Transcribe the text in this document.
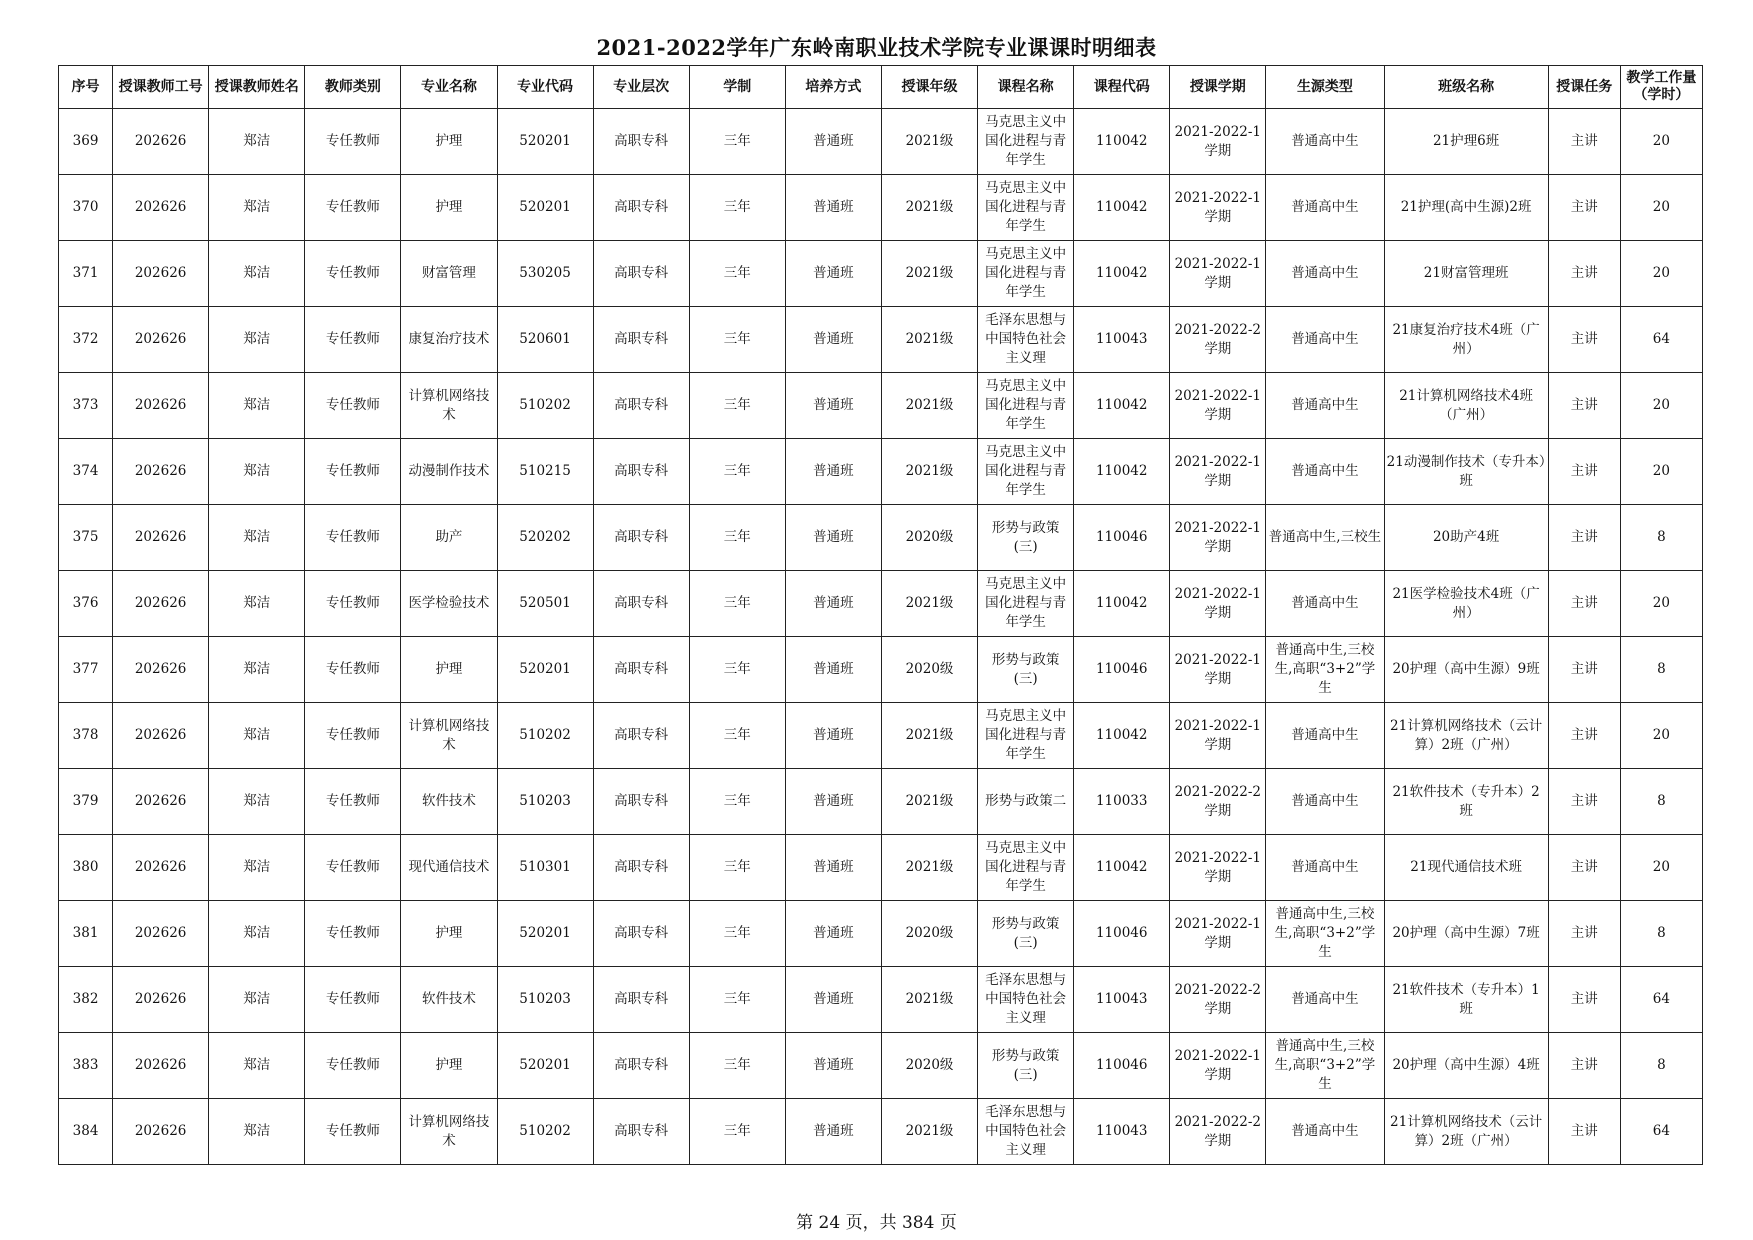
2021-2022学年广东岭南职业技术学院专业课课时明细表
序号	授课教师工号	授课教师姓名	教师类别	专业名称	专业代码	专业层次	学制	培养方式	授课年级	课程名称	课程代码	授课学期	生源类型	班级名称	授课任务	教学工作量（学时）

369	202626	郑洁	专任教师	护理	520201	高职专科	三年	普通班	2021级	马克思主义中国化进程与青年学生	110042	2021-2022-1学期	普通高中生	21护理6班	主讲	20

370	202626	郑洁	专任教师	护理	520201	高职专科	三年	普通班	2021级	马克思主义中国化进程与青年学生	110042	2021-2022-1学期	普通高中生	21护理(高中生源)2班	主讲	20

371	202626	郑洁	专任教师	财富管理	530205	高职专科	三年	普通班	2021级	马克思主义中国化进程与青年学生	110042	2021-2022-1学期	普通高中生	21财富管理班	主讲	20

372	202626	郑洁	专任教师	康复治疗技术	520601	高职专科	三年	普通班	2021级	毛泽东思想与中国特色社会主义理	110043	2021-2022-2学期	普通高中生	21康复治疗技术4班（广州）	主讲	64

373	202626	郑洁	专任教师	计算机网络技术	510202	高职专科	三年	普通班	2021级	马克思主义中国化进程与青年学生	110042	2021-2022-1学期	普通高中生	21计算机网络技术4班（广州）	主讲	20

374	202626	郑洁	专任教师	动漫制作技术	510215	高职专科	三年	普通班	2021级	马克思主义中国化进程与青年学生	110042	2021-2022-1学期	普通高中生	21动漫制作技术（专升本）班	主讲	20

375	202626	郑洁	专任教师	助产	520202	高职专科	三年	普通班	2020级	形势与政策(三)	110046	2021-2022-1学期	普通高中生,三校生	20助产4班	主讲	8

376	202626	郑洁	专任教师	医学检验技术	520501	高职专科	三年	普通班	2021级	马克思主义中国化进程与青年学生	110042	2021-2022-1学期	普通高中生	21医学检验技术4班（广州）	主讲	20

377	202626	郑洁	专任教师	护理	520201	高职专科	三年	普通班	2020级	形势与政策(三)	110046	2021-2022-1学期	普通高中生,三校生,高职“3+2”学生	20护理（高中生源）9班	主讲	8

378	202626	郑洁	专任教师	计算机网络技术	510202	高职专科	三年	普通班	2021级	马克思主义中国化进程与青年学生	110042	2021-2022-1学期	普通高中生	21计算机网络技术（云计算）2班（广州）	主讲	20

379	202626	郑洁	专任教师	软件技术	510203	高职专科	三年	普通班	2021级	形势与政策二	110033	2021-2022-2学期	普通高中生	21软件技术（专升本）2班	主讲	8

380	202626	郑洁	专任教师	现代通信技术	510301	高职专科	三年	普通班	2021级	马克思主义中国化进程与青年学生	110042	2021-2022-1学期	普通高中生	21现代通信技术班	主讲	20

381	202626	郑洁	专任教师	护理	520201	高职专科	三年	普通班	2020级	形势与政策(三)	110046	2021-2022-1学期	普通高中生,三校生,高职“3+2”学生	20护理（高中生源）7班	主讲	8

382	202626	郑洁	专任教师	软件技术	510203	高职专科	三年	普通班	2021级	毛泽东思想与中国特色社会主义理	110043	2021-2022-2学期	普通高中生	21软件技术（专升本）1班	主讲	64

383	202626	郑洁	专任教师	护理	520201	高职专科	三年	普通班	2020级	形势与政策(三)	110046	2021-2022-1学期	普通高中生,三校生,高职“3+2”学生	20护理（高中生源）4班	主讲	8

384	202626	郑洁	专任教师	计算机网络技术	510202	高职专科	三年	普通班	2021级	毛泽东思想与中国特色社会主义理	110043	2021-2022-2学期	普通高中生	21计算机网络技术（云计算）2班（广州）	主讲	64
第 24 页，共 384 页
